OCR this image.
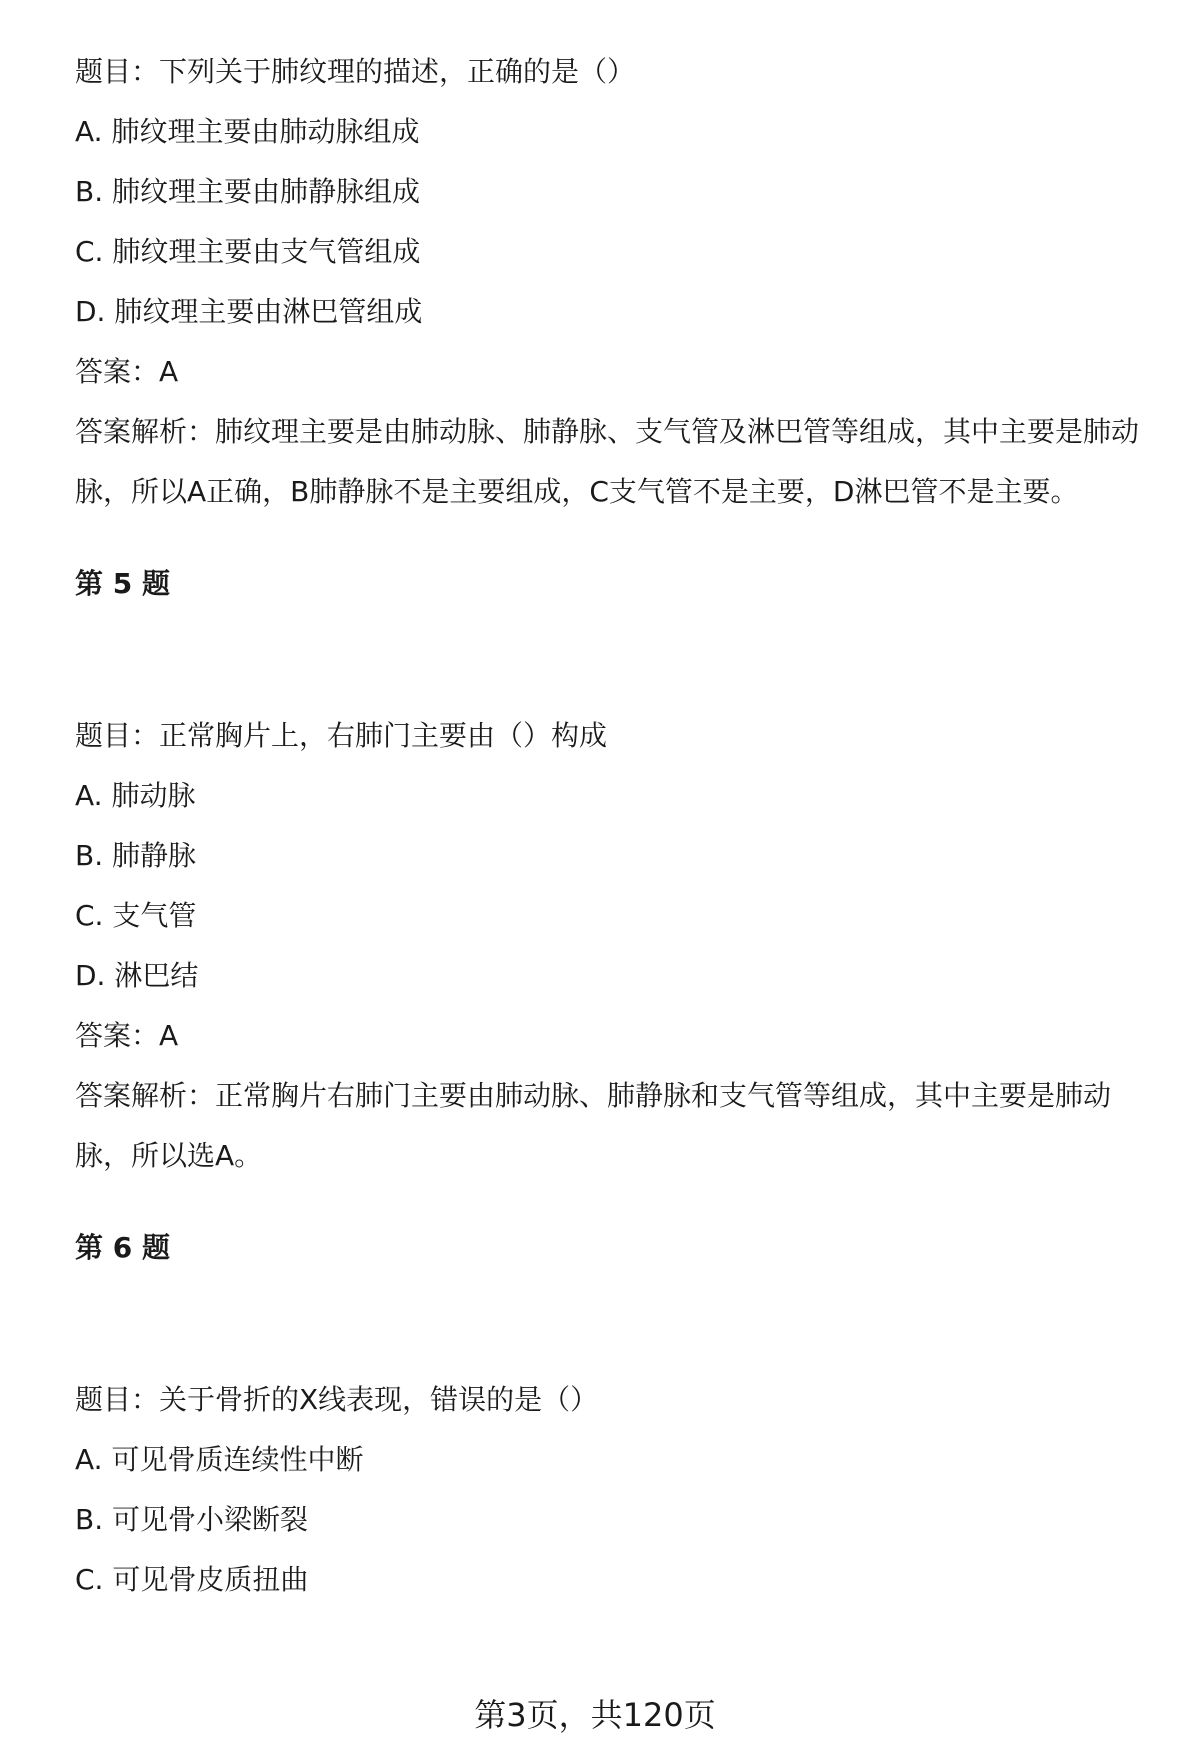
题目：下列关于肺纹理的描述，正确的是（）
A. 肺纹理主要由肺动脉组成
B. 肺纹理主要由肺静脉组成
C. 肺纹理主要由支气管组成
D. 肺纹理主要由淋巴管组成
答案：A
答案解析：肺纹理主要是由肺动脉、肺静脉、支气管及淋巴管等组成，其中主要是肺动脉，所以A正确，B肺静脉不是主要组成，C支气管不是主要，D淋巴管不是主要。
第 5 题
题目：正常胸片上，右肺门主要由（）构成
A. 肺动脉
B. 肺静脉
C. 支气管
D. 淋巴结
答案：A
答案解析：正常胸片右肺门主要由肺动脉、肺静脉和支气管等组成，其中主要是肺动脉，所以选A。
第 6 题
题目：关于骨折的X线表现，错误的是（）
A. 可见骨质连续性中断
B. 可见骨小梁断裂
C. 可见骨皮质扭曲
第3页，共120页
